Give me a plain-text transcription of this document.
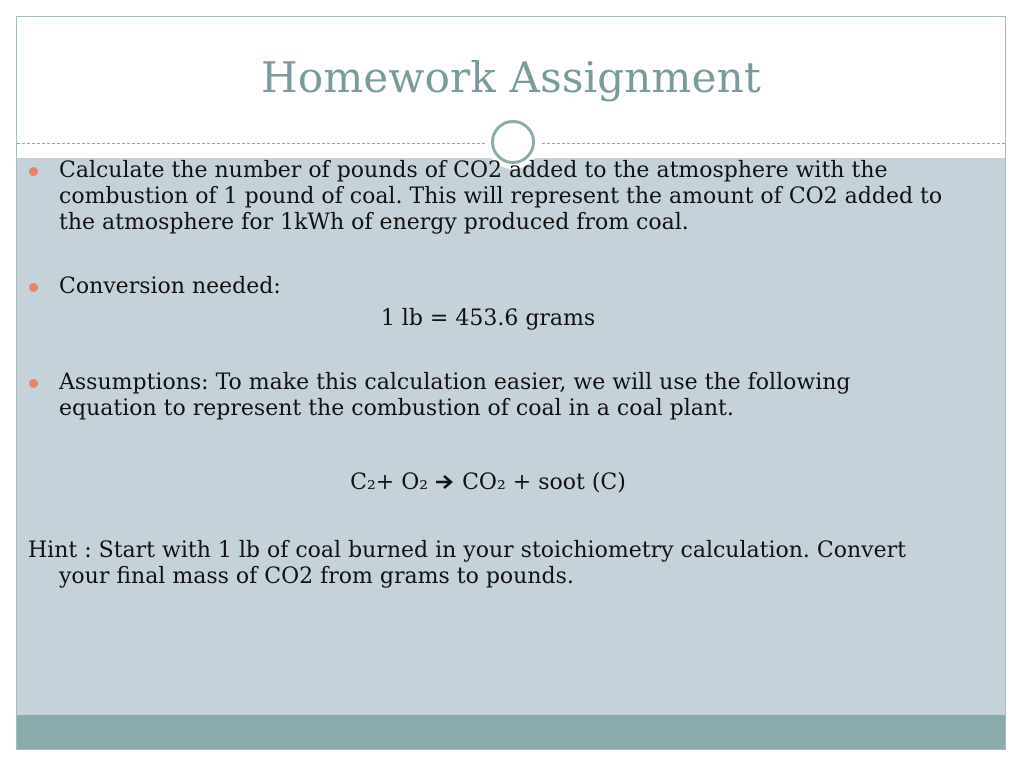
Homework Assignment
Calculate the number of pounds of CO2 added to the atmosphere with the combustion of 1 pound of coal. This will represent the amount of CO2 added to the atmosphere for 1kWh of energy produced from coal.
Conversion needed:
1 lb = 453.6 grams
Assumptions: To make this calculation easier, we will use the following equation to represent the combustion of coal in a coal plant.
C₂+ O₂ CO₂ + soot (C)
Hint : Start with 1 lb of coal burned in your stoichiometry calculation. Convert your final mass of CO2 from grams to pounds.
